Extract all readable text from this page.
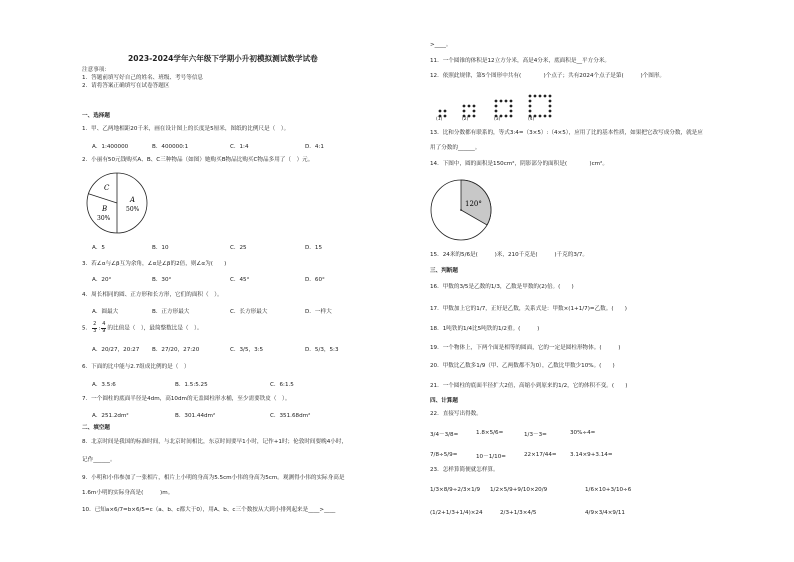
2023-2024学年六年级下学期小升初模拟测试数学试卷
注意事项：
1．答题前填写好自己的姓名、班级、考号等信息
2．请将答案正确填写在试卷答题区
一、选择题
1．甲、乙两地相距20千米，画在设计图上的长度是5厘米，图纸的比例尺是（　）。
A．1:400000	B．400000:1	C．1:4	D．4:1
2．小丽有50元钱购买A、B、C三种物品（如图）她购买B物品比购买C物品多用了（　）元。
C
A
50%
B
30%
A．5	B．10	C．25	D．15
3．若∠α与∠β互为余角，∠α是∠β的2倍，则∠α为(　　)
A．20°	B．30°	C．45°	D．60°
4．周长相同的圆、正方形和长方形，它们的面积（　）。
A．圆最大	B．正方形最大	C．长方形最大	D．一样大
5． $\frac{2}{3}$ : $\frac{4}{9}$ 的比值是（　），最简整数比是（　）。
A．20/27，20:27 B．27/20，27:20	C．3/5，3:5	D．5/3，5:3
6．下面的比中能与2.7组成比例的是（　）
A．3.5:6	B．1.5:5.25	C．6:1.5
7．一个圆柱的底面半径是4dm，高10dm的无盖圆柱形水桶，至少需要铁皮（　）。
A．251.2dm²	B．301.44dm²	C．351.68dm²
二、填空题
8．北京时间是我国的标准时间，与北京时间相比，东京时间要早1小时，记作+1时；伦敦时间要晚4小时，
记作______。
9．小明和小伟参加了一张相片，相片上小明的身高为5.5cm小伟的身高为5cm。观测得小伟的实际身高是
1.6m小明的实际身高是(　　　)m。
10．已知a×6/7=b×6/5=c（a、b、c都大于0），用A、b、c三个数按从大到小排列起来是____>____
>____。
11．一个圆锥的体积是12立方分米，高是4分米，底面积是__平方分米。
12．依照此规律，第5个图形中共有(　　　　)个点子；共有2024个点子是第(　　　)个图形。
(1)	(2)	(3)	(4)
13．比和分数都有联系的，等式3:4=（3×5）:（4×5），应用了比的基本性质，如果把它改写成分数，就是应
用了分数的______。
14．下图中，圆的面积是150cm²，阴影部分的面积是(　　　　)cm²。
120°
15．24米的5/6是(　　　)米，210千克是(　　　)千克的3/7。
三、判断题
16．甲数的3/5是乙数的1/3，乙数是甲数的(2)倍。(　　)
17．甲数加上它的1/7，正好是乙数，关系式是：甲数×(1+1/7)=乙数。(　　)
18．1吨铁的1/4比5吨铁的1/2重。(　　　)
19．一个物体上，下两个面是相等的圆面，它的一定是圆柱形物体。(　　　)
20．甲数比乙数多1/9（甲、乙两数都不为0），乙数比甲数少10%。(　　)
21．一个圆柱的底面半径扩大2倍，高缩小到原来的1/2，它的体积不变。(　　)
四、计算题
22．直接写出得数。
3/4－3/8=	1.8×5/6=	1/3－3=	30%÷4=
7/8÷5/9=	10－1/10=	22×17/44= 3.14×9+3.14=
23．怎样算简便就怎样算。
1/3×8/9÷2/3×1/9 1/2×5/9+9/10×20/9	1/6×10+3/10÷6
(1/2+1/3+1/4)×24	2/3+1/3×4/5	4/9×3/4×9/11
